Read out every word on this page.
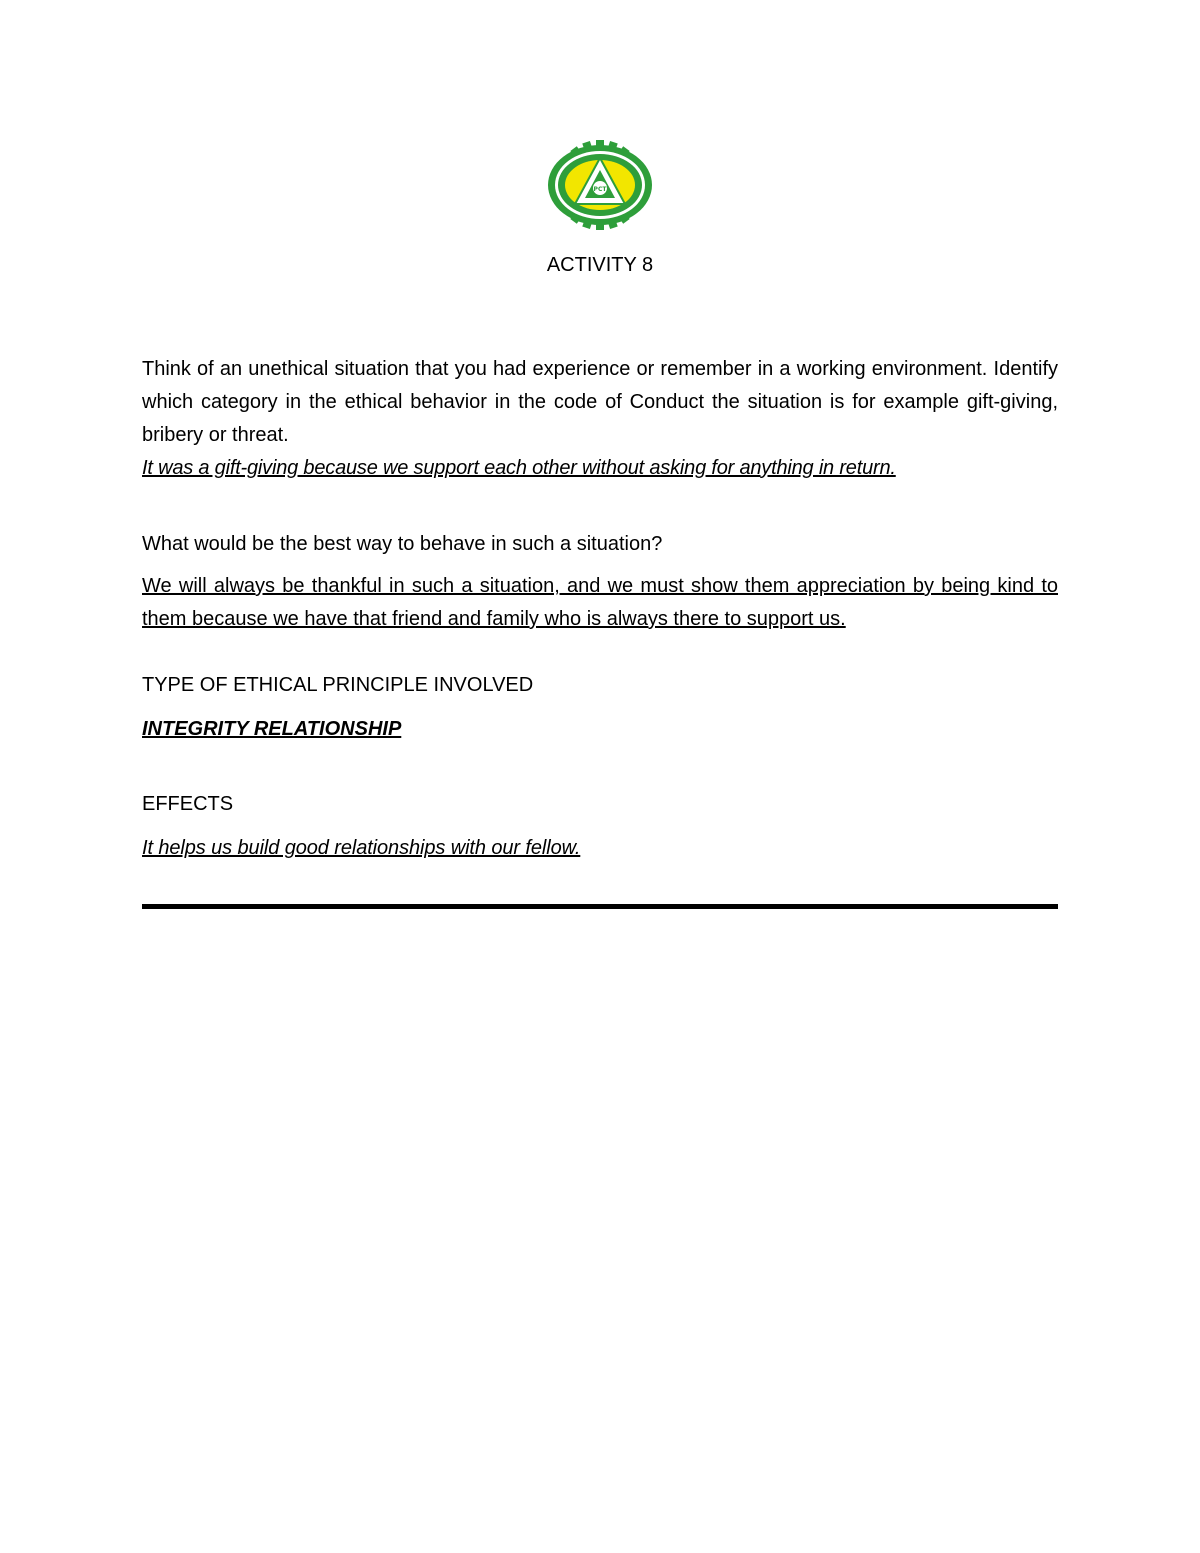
PCT
ACTIVITY 8
Think of an unethical situation that you had experience or remember in a working environment. Identify which category in the ethical behavior in the code of Conduct the situation is for example gift-giving, bribery or threat.
It was a gift-giving because we support each other without asking for anything in return.
What would be the best way to behave in such a situation?
We will always be thankful in such a situation, and we must show them appreciation by being kind to them because we have that friend and family who is always there to support us.
TYPE OF ETHICAL PRINCIPLE INVOLVED
INTEGRITY RELATIONSHIP
EFFECTS
It helps us build good relationships with our fellow.
